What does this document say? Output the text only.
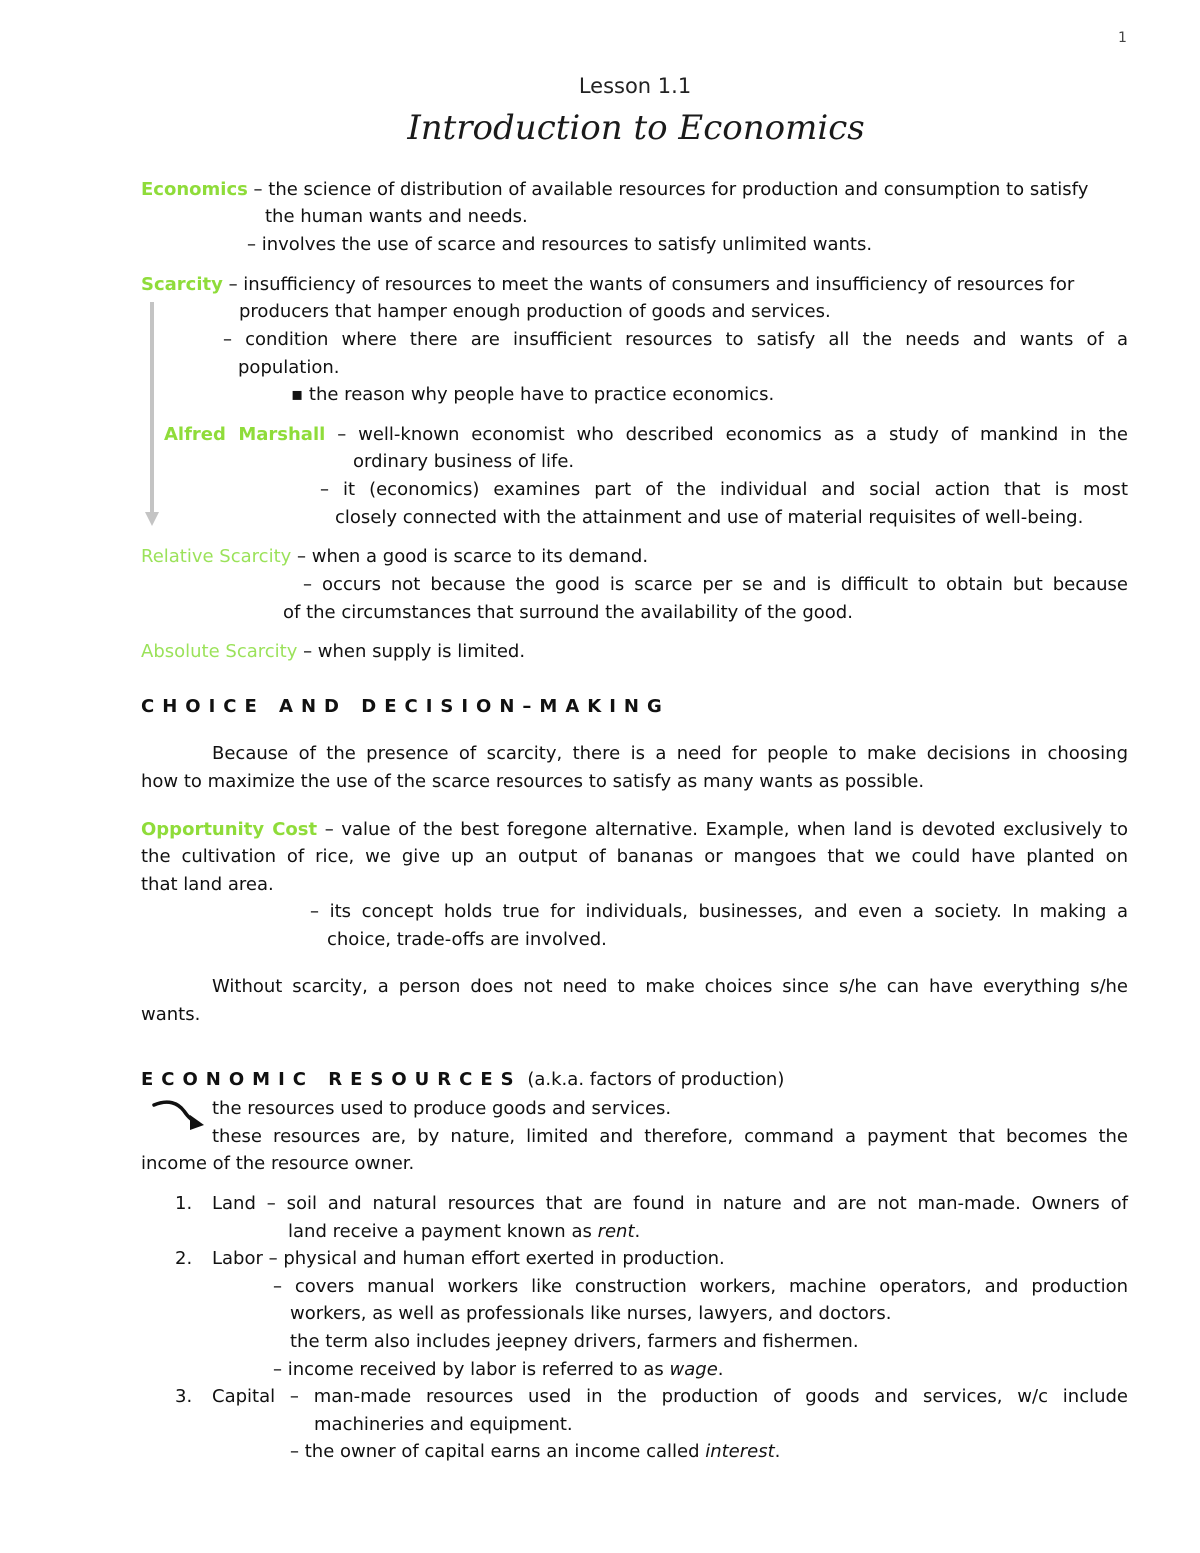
1
Lesson 1.1
Introduction to Economics
Economics – the science of distribution of available resources for production and consumption to satisfy
the human wants and needs.
– involves the use of scarce and resources to satisfy unlimited wants.
Scarcity – insufficiency of resources to meet the wants of consumers and insufficiency of resources for
producers that hamper enough production of goods and services.
– condition where there are insufficient resources to satisfy all the needs and wants of a
population.
▪ the reason why people have to practice economics.
Alfred Marshall – well-known economist who described economics as a study of mankind in the
ordinary business of life.
– it (economics) examines part of the individual and social action that is most
closely connected with the attainment and use of material requisites of well-being.
Relative Scarcity – when a good is scarce to its demand.
– occurs not because the good is scarce per se and is difficult to obtain but because
of the circumstances that surround the availability of the good.
Absolute Scarcity – when supply is limited.
CHOICE AND DECISION–MAKING
Because of the presence of scarcity, there is a need for people to make decisions in choosing
how to maximize the use of the scarce resources to satisfy as many wants as possible.
Opportunity Cost – value of the best foregone alternative. Example, when land is devoted exclusively to
the cultivation of rice, we give up an output of bananas or mangoes that we could have planted on
that land area.
– its concept holds true for individuals, businesses, and even a society. In making a
choice, trade-offs are involved.
Without scarcity, a person does not need to make choices since s/he can have everything s/he
wants.
ECONOMIC RESOURCES (a.k.a. factors of production)
the resources used to produce goods and services.
these resources are, by nature, limited and therefore, command a payment that becomes the
income of the resource owner.
1. Land – soil and natural resources that are found in nature and are not man-made. Owners of
land receive a payment known as rent.
2. Labor – physical and human effort exerted in production.
– covers manual workers like construction workers, machine operators, and production
workers, as well as professionals like nurses, lawyers, and doctors.
the term also includes jeepney drivers, farmers and fishermen.
– income received by labor is referred to as wage.
3. Capital – man-made resources used in the production of goods and services, w/c include
machineries and equipment.
– the owner of capital earns an income called interest.
